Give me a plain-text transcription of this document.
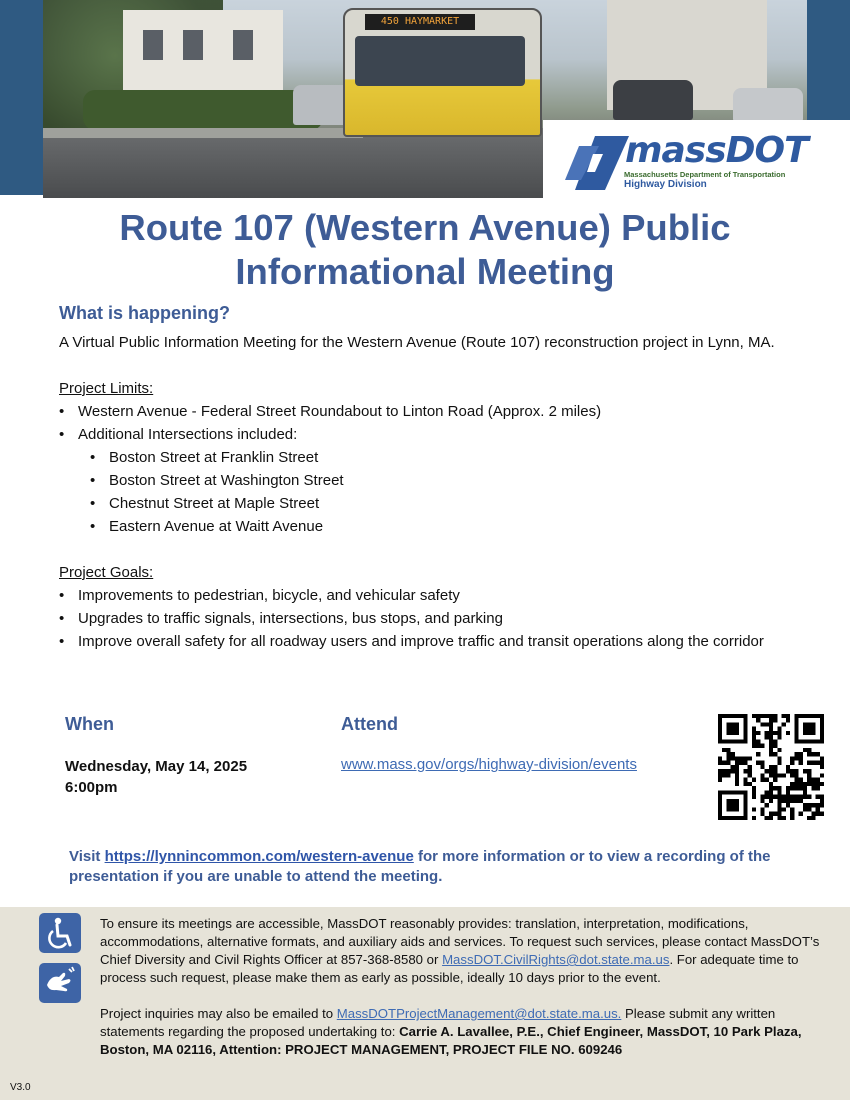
450 HAYMARKET
massDOT
Massachusetts Department of Transportation
Highway Division
Route 107 (Western Avenue) Public Informational Meeting
What is happening?

A Virtual Public Information Meeting for the Western Avenue (Route 107) reconstruction project in Lynn, MA.

Project Limits:

• Western Avenue - Federal Street Roundabout to Linton Road (Approx. 2 miles)
• Additional Intersections included:
• Boston Street at Franklin Street
• Boston Street at Washington Street
• Chestnut Street at Maple Street
• Eastern Avenue at Waitt Avenue

Project Goals:

• Improvements to pedestrian, bicycle, and vehicular safety
• Upgrades to traffic signals, intersections, bus stops, and parking
• Improve overall safety for all roadway users and improve traffic and transit operations along the corridor
When
Wednesday, May 14, 2025
6:00pm
Attend
www.mass.gov/orgs/highway-division/events
Visit https://lynnincommon.com/western-avenue for more information or to view a recording of the presentation if you are unable to attend the meeting.

To ensure its meetings are accessible, MassDOT reasonably provides: translation, interpretation, modifications, accommodations, alternative formats, and auxiliary aids and services. To request such services, please contact MassDOT’s Chief Diversity and Civil Rights Officer at 857-368-8580 or MassDOT.CivilRights@dot.state.ma.us. For adequate time to process such request, please make them as early as possible, ideally 10 days prior to the event.

Project inquiries may also be emailed to MassDOTProjectManagement@dot.state.ma.us. Please submit any written statements regarding the proposed undertaking to: Carrie A. Lavallee, P.E., Chief Engineer, MassDOT, 10 Park Plaza, Boston, MA 02116, Attention: PROJECT MANAGEMENT, PROJECT FILE NO. 609246

V3.0
